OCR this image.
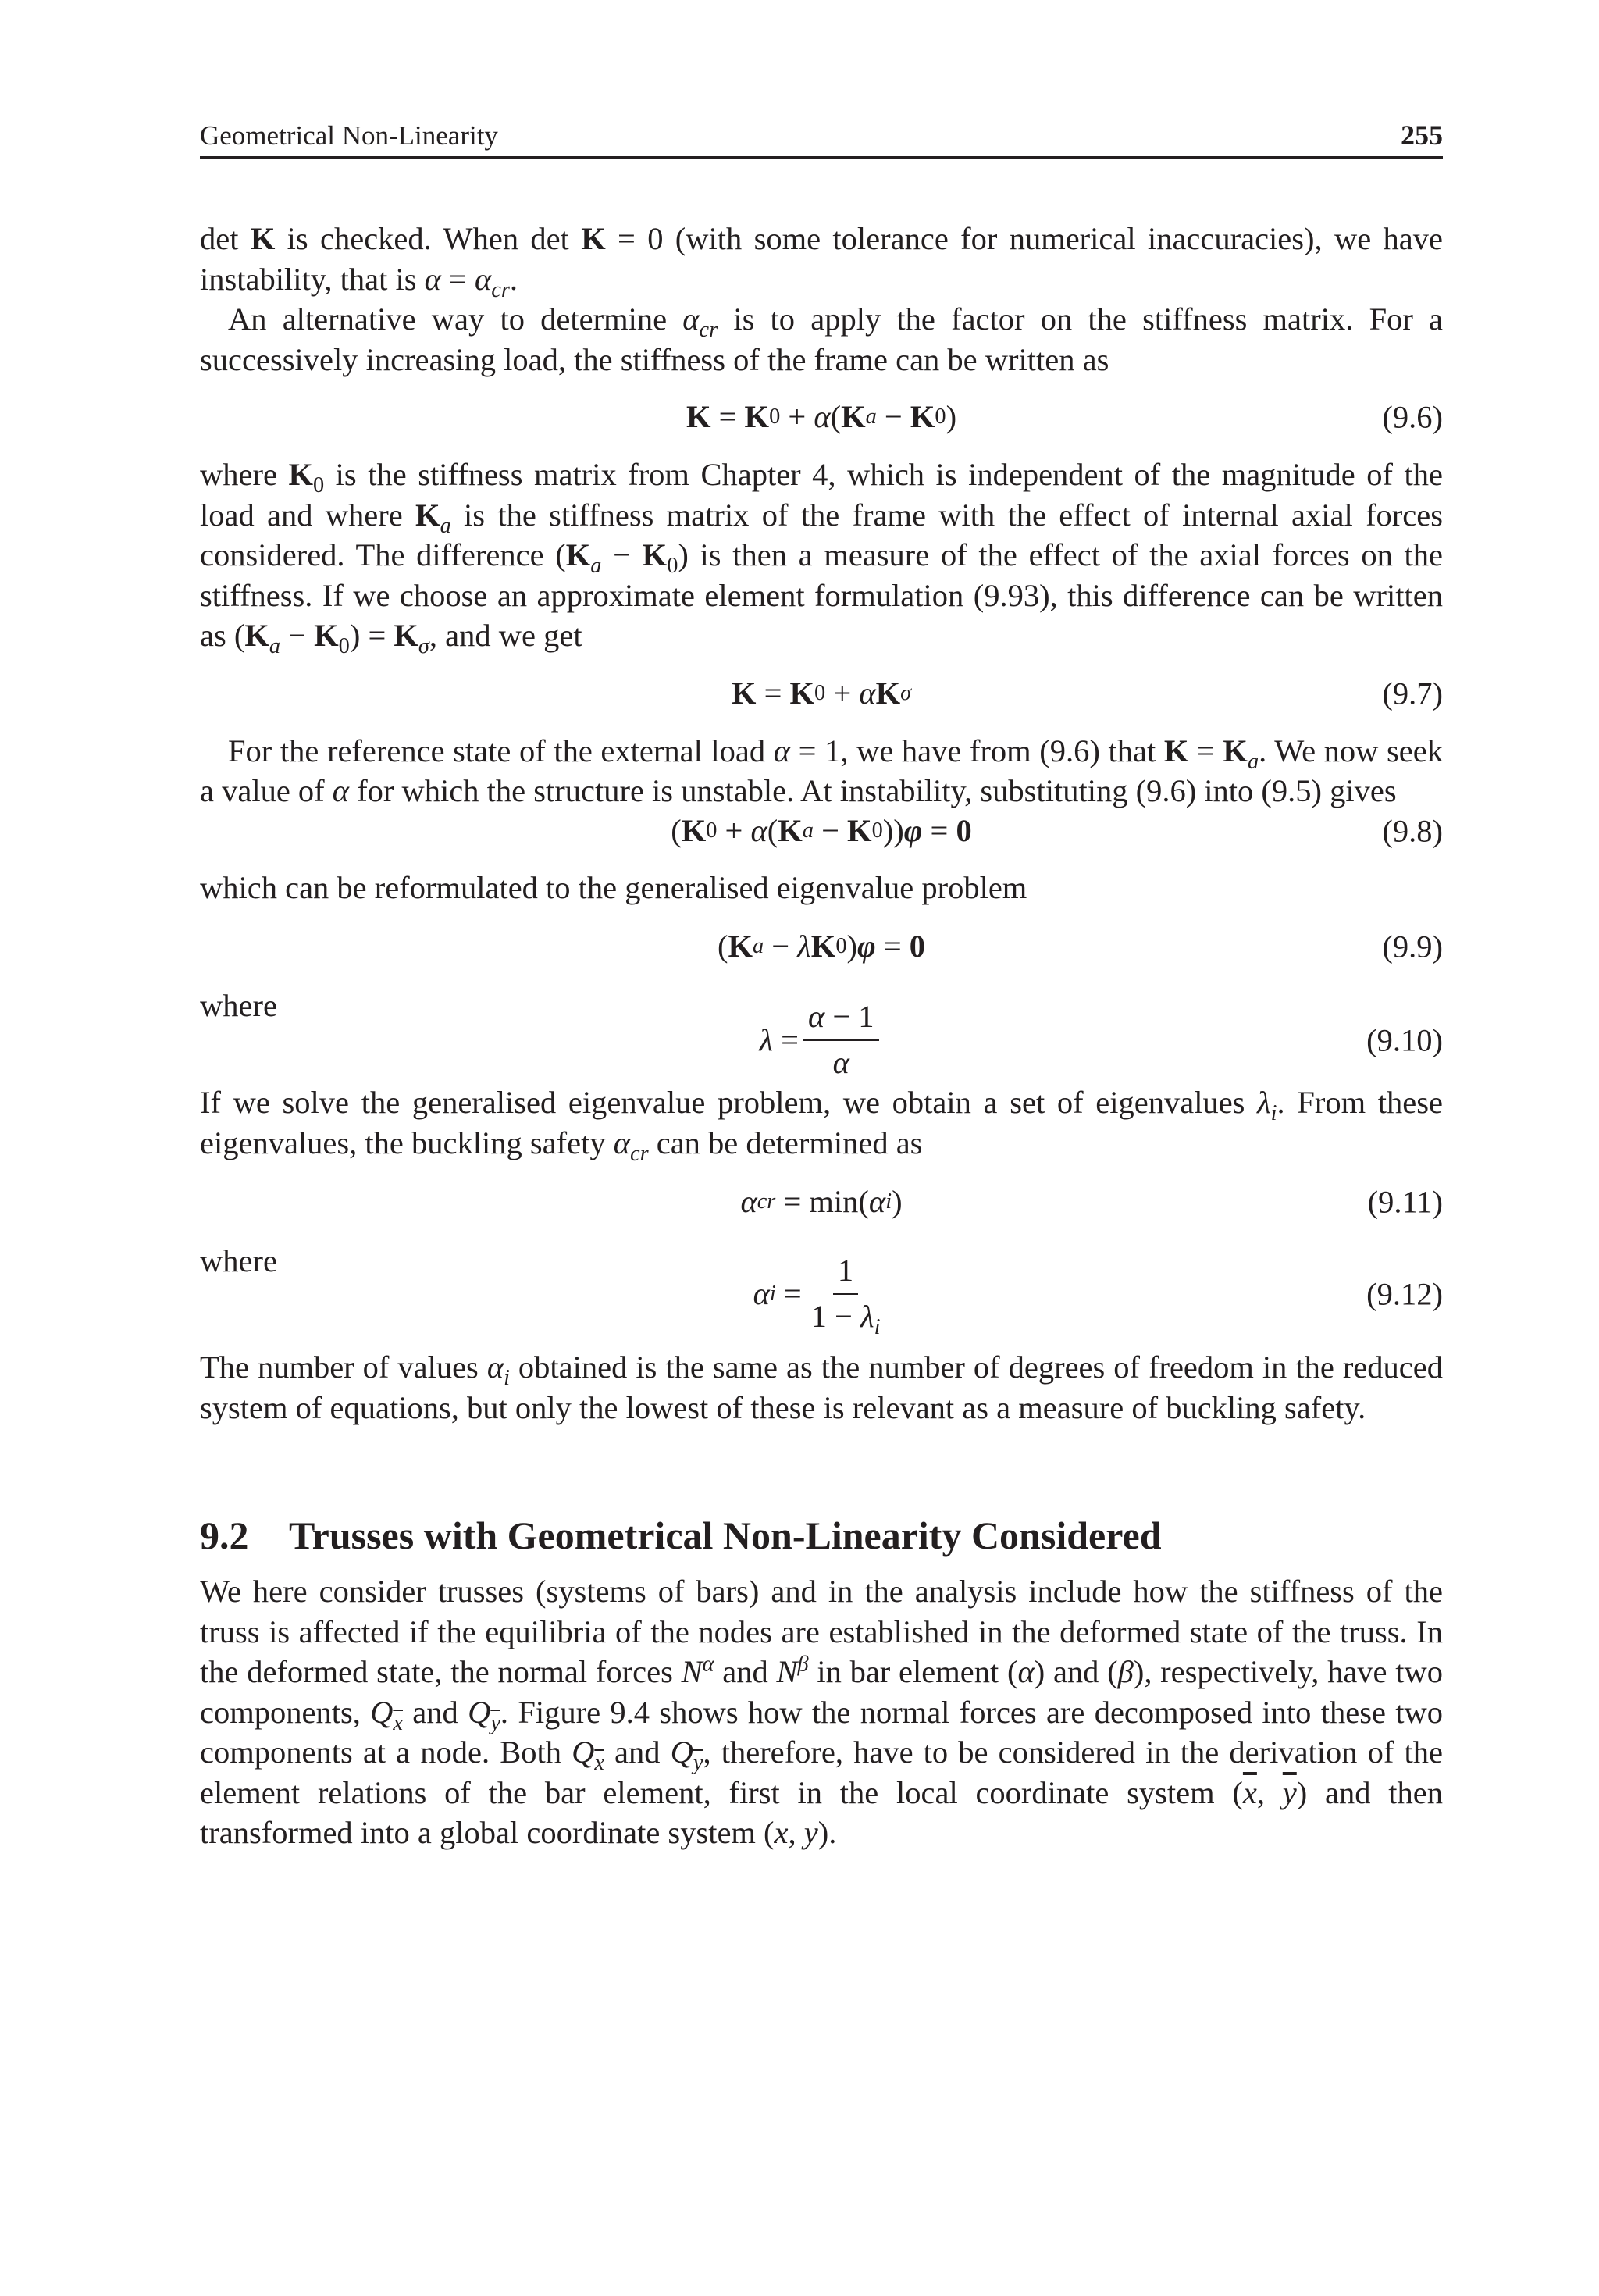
Geometrical Non-Linearity	255

det K is checked. When det K = 0 (with some tolerance for numerical inaccuracies), we have instability, that is $\alpha = \alpha_{cr}$.

An alternative way to determine $\alpha_{cr}$ is to apply the factor on the stiffness matrix. For a successively increasing load, the stiffness of the frame can be written as

K = K 0 + α ( K a − K 0 )	(9.6)

where $K_0$ is the stiffness matrix from Chapter 4, which is independent of the magnitude of the load and where $K_a$ is the stiffness matrix of the frame with the effect of internal axial forces considered. The difference $(K_a - K_0)$ is then a measure of the effect of the axial forces on the stiffness. If we choose an approximate element formulation (9.93), this difference can be written as $(K_a - K_0) = K_\sigma$, and we get

K = K 0 + α K σ	(9.7)

For the reference state of the external load α = 1, we have from (9.6) that $K = K_a$. We now seek a value of α for which the structure is unstable. At instability, substituting (9.6) into (9.5) gives

( K 0 + α ( K a − K 0 )) φ = 0	(9.8)

which can be reformulated to the generalised eigenvalue problem

( K a − λ K 0 ) φ = 0	(9.9)
where
$\lambda = \frac{\alpha - 1}{\alpha}$	(9.10)

If we solve the generalised eigenvalue problem, we obtain a set of eigenvalues $\lambda_i$. From these eigenvalues, the buckling safety $\alpha_{cr}$ can be determined as

α cr = min( α i )	(9.11)
where
α $i = \frac{1}{1 - \lambda_i}$	(9.12)

The number of values $\alpha_i$ obtained is the same as the number of degrees of freedom in the reduced system of equations, but only the lowest of these is relevant as a measure of buckling safety.

9.2 Trusses with Geometrical Non-Linearity Considered

We here consider trusses (systems of bars) and in the analysis include how the stiffness of the truss is affected if the equilibria of the nodes are established in the deformed state of the truss. In the deformed state, the normal forces $N^\alpha$ and $N^\beta$ in bar element (α) and (β), respectively, have two components, $Q_{\overline{x}}$ and $Q_{\overline{y}}$. Figure 9.4 shows how the normal forces are decomposed into these two components at a node. Both $Q_{\overline{x}}$ and $Q_{\overline{y}}$, therefore, have to be considered in the derivation of the element relations of the bar element, first in the local coordinate system ($\overline{x}$, $\overline{y}$) and then transformed into a global coordinate system (x, y).
